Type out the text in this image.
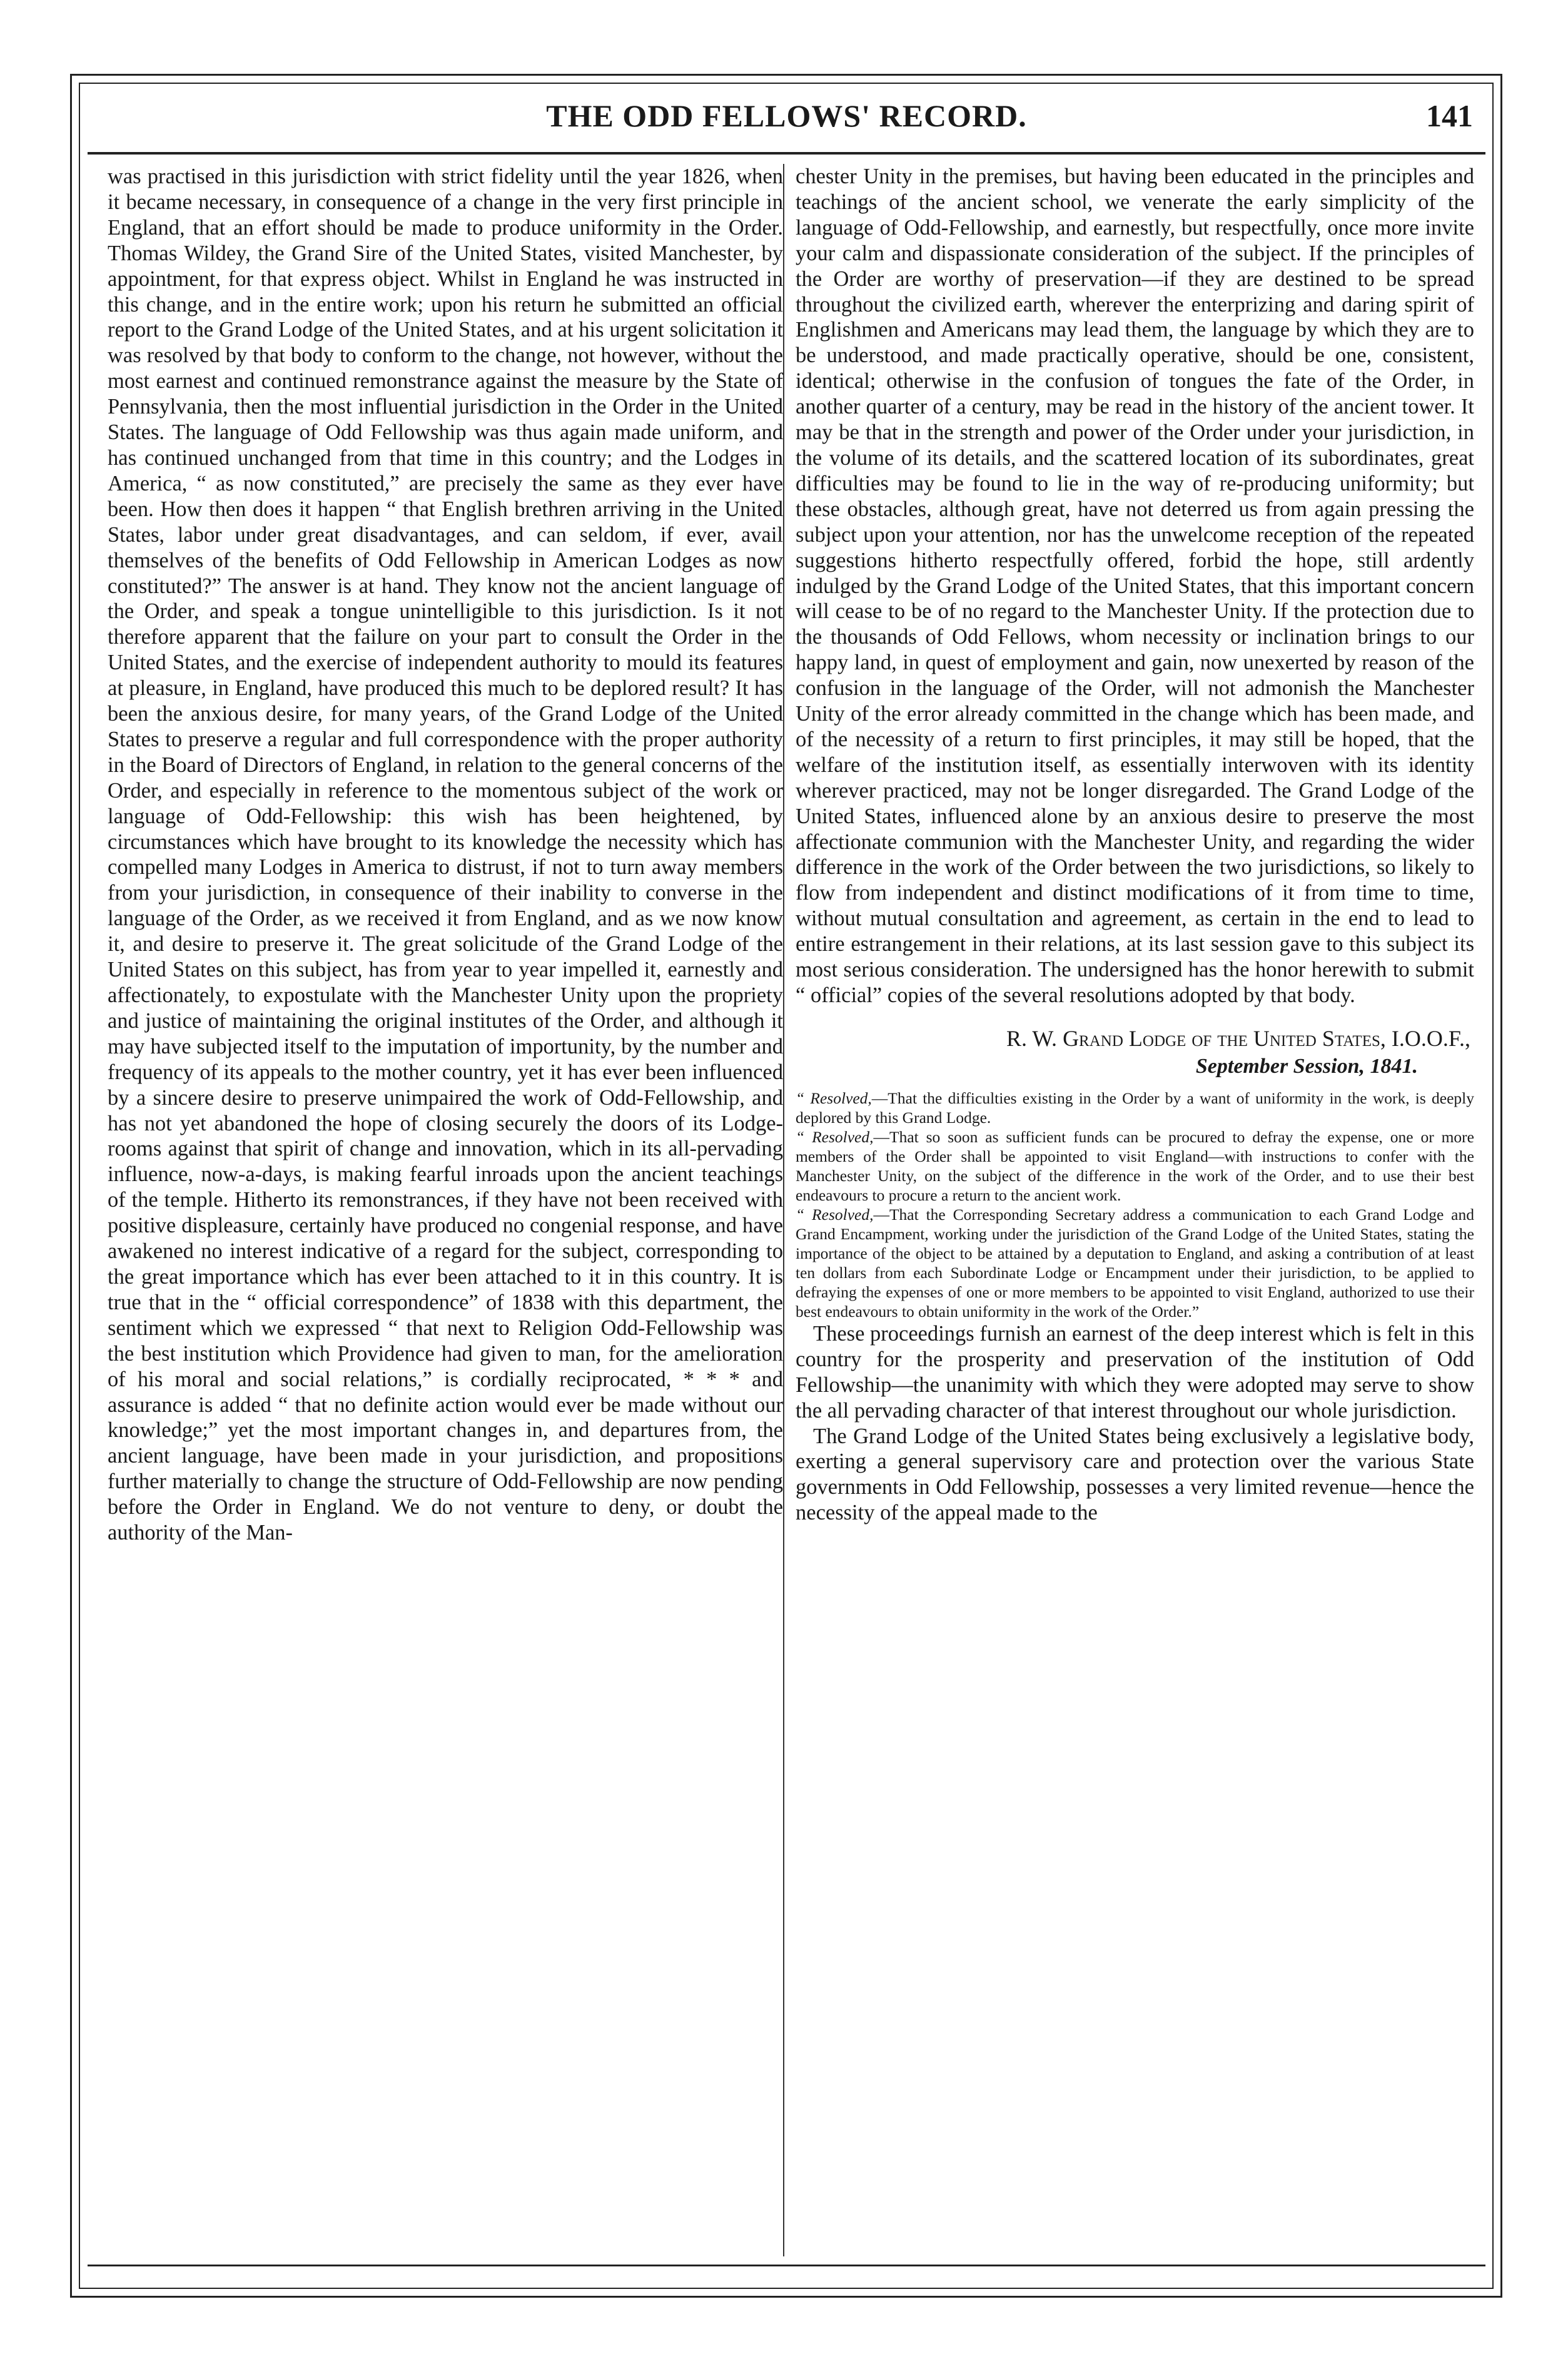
THE ODD FELLOWS' RECORD.	141

was practised in this jurisdiction with strict fidelity until the year 1826, when it became necessary, in consequence of a change in the very first principle in England, that an effort should be made to produce uniformity in the Order. Thomas Wildey, the Grand Sire of the United States, visited Manchester, by appointment, for that express object. Whilst in England he was instructed in this change, and in the entire work; upon his return he submitted an official report to the Grand Lodge of the United States, and at his urgent solicitation it was resolved by that body to conform to the change, not however, without the most earnest and continued remonstrance against the measure by the State of Pennsylvania, then the most influential jurisdiction in the Order in the United States. The language of Odd Fellowship was thus again made uniform, and has continued unchanged from that time in this country; and the Lodges in America, “ as now constituted,” are precisely the same as they ever have been. How then does it happen “ that English brethren arriving in the United States, labor under great disadvantages, and can seldom, if ever, avail themselves of the benefits of Odd Fellowship in American Lodges as now constituted?” The answer is at hand. They know not the ancient language of the Order, and speak a tongue unintelligible to this jurisdiction. Is it not therefore apparent that the failure on your part to consult the Order in the United States, and the exercise of independent authority to mould its features at pleasure, in England, have produced this much to be deplored result? It has been the anxious desire, for many years, of the Grand Lodge of the United States to preserve a regular and full correspondence with the proper authority in the Board of Directors of England, in relation to the general concerns of the Order, and especially in reference to the momentous subject of the work or language of Odd-Fellowship: this wish has been heightened, by circumstances which have brought to its knowledge the necessity which has compelled many Lodges in America to distrust, if not to turn away members from your jurisdiction, in consequence of their inability to converse in the language of the Order, as we received it from England, and as we now know it, and desire to preserve it. The great solicitude of the Grand Lodge of the United States on this subject, has from year to year impelled it, earnestly and affectionately, to expostulate with the Manchester Unity upon the propriety and justice of maintaining the original institutes of the Order, and although it may have subjected itself to the imputation of importunity, by the number and frequency of its appeals to the mother country, yet it has ever been influenced by a sincere desire to preserve unimpaired the work of Odd-Fellowship, and has not yet abandoned the hope of closing securely the doors of its Lodge-rooms against that spirit of change and innovation, which in its all-pervading influence, now-a-days, is making fearful inroads upon the ancient teachings of the temple. Hitherto its remonstrances, if they have not been received with positive displeasure, certainly have produced no congenial response, and have awakened no interest indicative of a regard for the subject, corresponding to the great importance which has ever been attached to it in this country. It is true that in the “ official correspondence” of 1838 with this department, the sentiment which we expressed “ that next to Religion Odd-Fellowship was the best institution which Providence had given to man, for the amelioration of his moral and social relations,” is cordially reciprocated, * * * and assurance is added “ that no definite action would ever be made without our knowledge;” yet the most important changes in, and departures from, the ancient language, have been made in your jurisdiction, and propositions further materially to change the structure of Odd-Fellowship are now pending before the Order in England. We do not venture to deny, or doubt the authority of the Man-

chester Unity in the premises, but having been educated in the principles and teachings of the ancient school, we venerate the early simplicity of the language of Odd-Fellowship, and earnestly, but respectfully, once more invite your calm and dispassionate consideration of the subject. If the principles of the Order are worthy of preservation—if they are destined to be spread throughout the civilized earth, wherever the enterprizing and daring spirit of Englishmen and Americans may lead them, the language by which they are to be understood, and made practically operative, should be one, consistent, identical; otherwise in the confusion of tongues the fate of the Order, in another quarter of a century, may be read in the history of the ancient tower. It may be that in the strength and power of the Order under your jurisdiction, in the volume of its details, and the scattered location of its subordinates, great difficulties may be found to lie in the way of re-producing uniformity; but these obstacles, although great, have not deterred us from again pressing the subject upon your attention, nor has the unwelcome reception of the repeated suggestions hitherto respectfully offered, forbid the hope, still ardently indulged by the Grand Lodge of the United States, that this important concern will cease to be of no regard to the Manchester Unity. If the protection due to the thousands of Odd Fellows, whom necessity or inclination brings to our happy land, in quest of employment and gain, now unexerted by reason of the confusion in the language of the Order, will not admonish the Manchester Unity of the error already committed in the change which has been made, and of the necessity of a return to first principles, it may still be hoped, that the welfare of the institution itself, as essentially interwoven with its identity wherever practiced, may not be longer disregarded. The Grand Lodge of the United States, influenced alone by an anxious desire to preserve the most affectionate communion with the Manchester Unity, and regarding the wider difference in the work of the Order between the two jurisdictions, so likely to flow from independent and distinct modifications of it from time to time, without mutual consultation and agreement, as certain in the end to lead to entire estrangement in their relations, at its last session gave to this subject its most serious consideration. The undersigned has the honor herewith to submit “ official” copies of the several resolutions adopted by that body.

R. W. Grand Lodge of the United States, I.O.O.F.,
September Session, 1841.

“ Resolved,—That the difficulties existing in the Order by a want of uniformity in the work, is deeply deplored by this Grand Lodge.

“ Resolved,—That so soon as sufficient funds can be procured to defray the expense, one or more members of the Order shall be appointed to visit England—with instructions to confer with the Manchester Unity, on the subject of the difference in the work of the Order, and to use their best endeavours to procure a return to the ancient work.

“ Resolved,—That the Corresponding Secretary address a communication to each Grand Lodge and Grand Encampment, working under the jurisdiction of the Grand Lodge of the United States, stating the importance of the object to be attained by a deputation to England, and asking a contribution of at least ten dollars from each Subordinate Lodge or Encampment under their jurisdiction, to be applied to defraying the expenses of one or more members to be appointed to visit England, authorized to use their best endeavours to obtain uniformity in the work of the Order.”

These proceedings furnish an earnest of the deep interest which is felt in this country for the prosperity and preservation of the institution of Odd Fellowship—the unanimity with which they were adopted may serve to show the all pervading character of that interest throughout our whole jurisdiction.

The Grand Lodge of the United States being exclusively a legislative body, exerting a general supervisory care and protection over the various State governments in Odd Fellowship, possesses a very limited revenue—hence the necessity of the appeal made to the
